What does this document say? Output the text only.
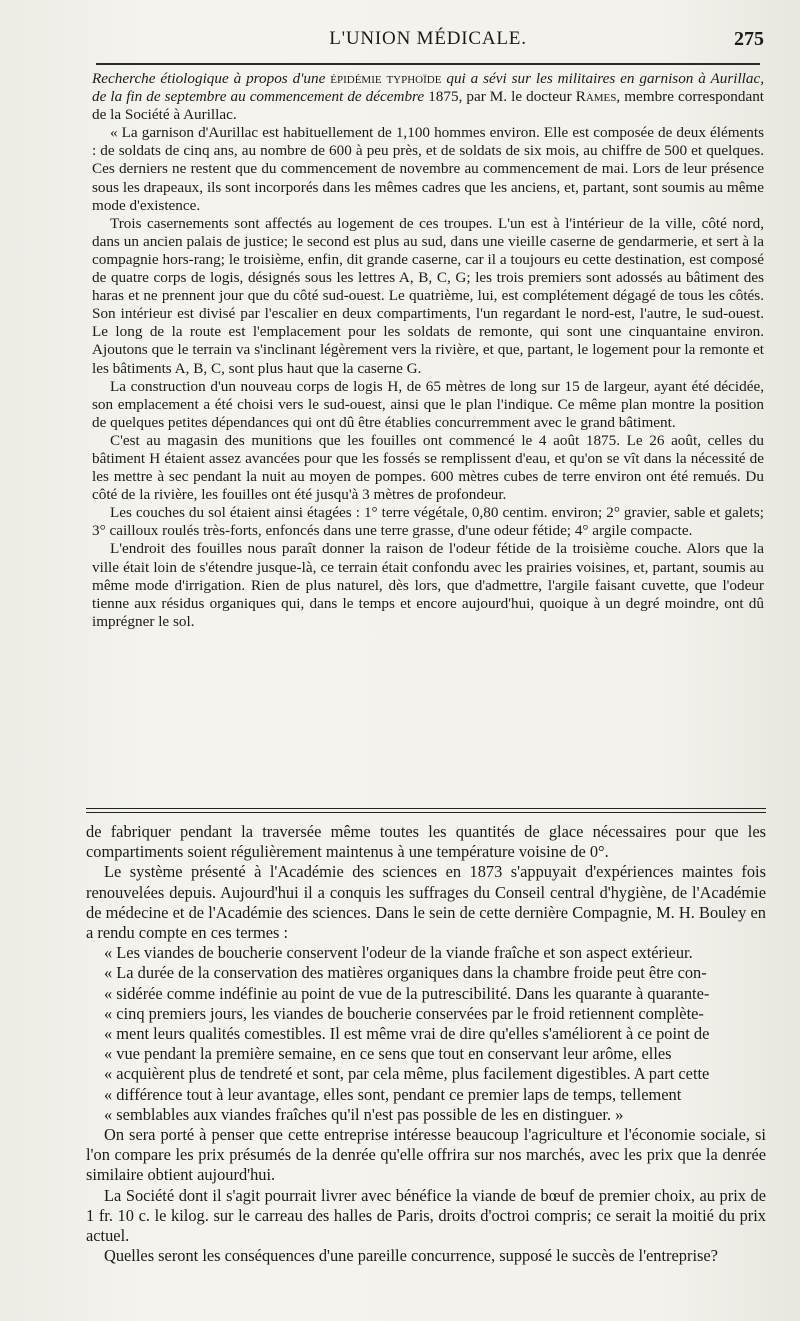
L'UNION MÉDICALE.	275

Recherche étiologique à propos d'une épidémie typhoïde qui a sévi sur les militaires en garnison à Aurillac, de la fin de septembre au commencement de décembre 1875, par M. le docteur Rames, membre correspondant de la Société à Aurillac.

« La garnison d'Aurillac est habituellement de 1,100 hommes environ. Elle est composée de deux éléments : de soldats de cinq ans, au nombre de 600 à peu près, et de soldats de six mois, au chiffre de 500 et quelques. Ces derniers ne restent que du commencement de novembre au commencement de mai. Lors de leur présence sous les drapeaux, ils sont incorporés dans les mêmes cadres que les anciens, et, partant, sont soumis au même mode d'existence.

Trois casernements sont affectés au logement de ces troupes. L'un est à l'intérieur de la ville, côté nord, dans un ancien palais de justice; le second est plus au sud, dans une vieille caserne de gendarmerie, et sert à la compagnie hors-rang; le troisième, enfin, dit grande caserne, car il a toujours eu cette destination, est composé de quatre corps de logis, désignés sous les lettres A, B, C, G; les trois premiers sont adossés au bâtiment des haras et ne prennent jour que du côté sud-ouest. Le quatrième, lui, est complétement dégagé de tous les côtés. Son intérieur est divisé par l'escalier en deux compartiments, l'un regardant le nord-est, l'autre, le sud-ouest. Le long de la route est l'emplacement pour les soldats de remonte, qui sont une cinquantaine environ. Ajoutons que le terrain va s'inclinant légèrement vers la rivière, et que, partant, le logement pour la remonte et les bâtiments A, B, C, sont plus haut que la caserne G.

La construction d'un nouveau corps de logis H, de 65 mètres de long sur 15 de largeur, ayant été décidée, son emplacement a été choisi vers le sud-ouest, ainsi que le plan l'indique. Ce même plan montre la position de quelques petites dépendances qui ont dû être établies concurremment avec le grand bâtiment.

C'est au magasin des munitions que les fouilles ont commencé le 4 août 1875. Le 26 août, celles du bâtiment H étaient assez avancées pour que les fossés se remplissent d'eau, et qu'on se vît dans la nécessité de les mettre à sec pendant la nuit au moyen de pompes. 600 mètres cubes de terre environ ont été remués. Du côté de la rivière, les fouilles ont été jusqu'à 3 mètres de profondeur.

Les couches du sol étaient ainsi étagées : 1° terre végétale, 0,80 centim. environ; 2° gravier, sable et galets; 3° cailloux roulés très-forts, enfoncés dans une terre grasse, d'une odeur fétide; 4° argile compacte.

L'endroit des fouilles nous paraît donner la raison de l'odeur fétide de la troisième couche. Alors que la ville était loin de s'étendre jusque-là, ce terrain était confondu avec les prairies voisines, et, partant, soumis au même mode d'irrigation. Rien de plus naturel, dès lors, que d'admettre, l'argile faisant cuvette, que l'odeur tienne aux résidus organiques qui, dans le temps et encore aujourd'hui, quoique à un degré moindre, ont dû imprégner le sol.

de fabriquer pendant la traversée même toutes les quantités de glace nécessaires pour que les compartiments soient régulièrement maintenus à une température voisine de 0°.

Le système présenté à l'Académie des sciences en 1873 s'appuyait d'expériences maintes fois renouvelées depuis. Aujourd'hui il a conquis les suffrages du Conseil central d'hygiène, de l'Académie de médecine et de l'Académie des sciences. Dans le sein de cette dernière Compagnie, M. H. Bouley en a rendu compte en ces termes :

« Les viandes de boucherie conservent l'odeur de la viande fraîche et son aspect extérieur.

« La durée de la conservation des matières organiques dans la chambre froide peut être con-

« sidérée comme indéfinie au point de vue de la putrescibilité. Dans les quarante à quarante-

« cinq premiers jours, les viandes de boucherie conservées par le froid retiennent complète-

« ment leurs qualités comestibles. Il est même vrai de dire qu'elles s'améliorent à ce point de

« vue pendant la première semaine, en ce sens que tout en conservant leur arôme, elles

« acquièrent plus de tendreté et sont, par cela même, plus facilement digestibles. A part cette

« différence tout à leur avantage, elles sont, pendant ce premier laps de temps, tellement

« semblables aux viandes fraîches qu'il n'est pas possible de les en distinguer. »

On sera porté à penser que cette entreprise intéresse beaucoup l'agriculture et l'économie sociale, si l'on compare les prix présumés de la denrée qu'elle offrira sur nos marchés, avec les prix que la denrée similaire obtient aujourd'hui.

La Société dont il s'agit pourrait livrer avec bénéfice la viande de bœuf de premier choix, au prix de 1 fr. 10 c. le kilog. sur le carreau des halles de Paris, droits d'octroi compris; ce serait la moitié du prix actuel.

Quelles seront les conséquences d'une pareille concurrence, supposé le succès de l'entreprise?
